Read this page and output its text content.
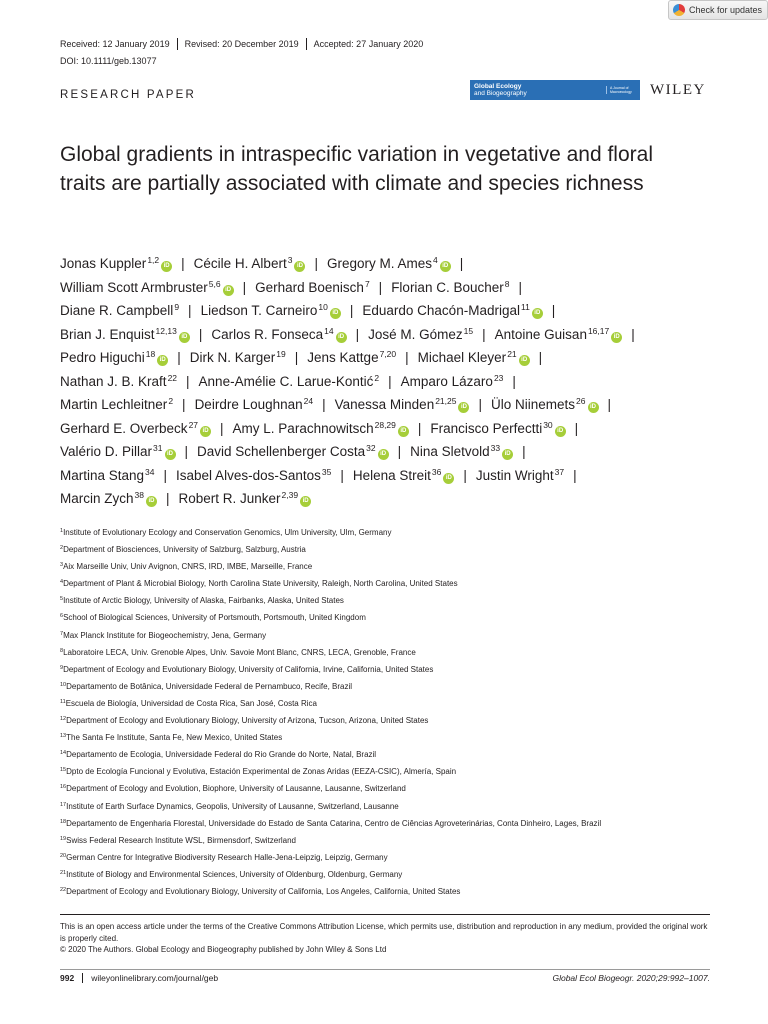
Check for updates
Received: 12 January 2019 Revised: 20 December 2019 Accepted: 27 January 2020
DOI: 10.1111/geb.13077
RESEARCH PAPER
Global Ecology
and Biogeography
A Journal of Macroecology WILEY
Global gradients in intraspecific variation in vegetative and floral traits are partially associated with climate and species richness
Jonas Kuppler$^{1,2}$iD | Cécile H. Albert$^3$iD | Gregory M. Ames$^4$iD |
William Scott Armbruster$^{5,6}$iD | Gerhard Boenisch$^7$ | Florian C. Boucher$^8$ |
Diane R. Campbell$^9$ | Liedson T. Carneiro$^{10}$iD | Eduardo Chacón-Madrigal$^{11}$iD |
Brian J. Enquist$^{12,13}$iD | Carlos R. Fonseca$^{14}$iD | José M. Gómez$^{15}$ | Antoine Guisan$^{16,17}$iD |
Pedro Higuchi$^{18}$iD | Dirk N. Karger$^{19}$ | Jens Kattge$^{7,20}$ | Michael Kleyer$^{21}$iD |
Nathan J. B. Kraft$^{22}$ | Anne-Amélie C. Larue-Kontić$^2$ | Amparo Lázaro$^{23}$ |
Martin Lechleitner$^2$ | Deirdre Loughnan$^{24}$ | Vanessa Minden$^{21,25}$iD | Ülo Niinemets$^{26}$iD |
Gerhard E. Overbeck$^{27}$iD | Amy L. Parachnowitsch$^{28,29}$iD | Francisco Perfectti$^{30}$iD |
Valério D. Pillar$^{31}$iD | David Schellenberger Costa$^{32}$iD | Nina Sletvold$^{33}$iD |
Martina Stang$^{34}$ | Isabel Alves-dos-Santos$^{35}$ | Helena Streit$^{36}$iD | Justin Wright$^{37}$ |
Marcin Zych$^{38}$iD | Robert R. Junker$^{2,39}$iD
$^1$Institute of Evolutionary Ecology and Conservation Genomics, Ulm University, Ulm, Germany
$^2$Department of Biosciences, University of Salzburg, Salzburg, Austria
$^3$Aix Marseille Univ, Univ Avignon, CNRS, IRD, IMBE, Marseille, France
$^4$Department of Plant & Microbial Biology, North Carolina State University, Raleigh, North Carolina, United States
$^5$Institute of Arctic Biology, University of Alaska, Fairbanks, Alaska, United States
$^6$School of Biological Sciences, University of Portsmouth, Portsmouth, United Kingdom
$^7$Max Planck Institute for Biogeochemistry, Jena, Germany
$^8$Laboratoire LECA, Univ. Grenoble Alpes, Univ. Savoie Mont Blanc, CNRS, LECA, Grenoble, France
$^9$Department of Ecology and Evolutionary Biology, University of California, Irvine, California, United States
$^{10}$Departamento de Botânica, Universidade Federal de Pernambuco, Recife, Brazil
$^{11}$Escuela de Biología, Universidad de Costa Rica, San José, Costa Rica
$^{12}$Department of Ecology and Evolutionary Biology, University of Arizona, Tucson, Arizona, United States
$^{13}$The Santa Fe Institute, Santa Fe, New Mexico, United States
$^{14}$Departamento de Ecologia, Universidade Federal do Rio Grande do Norte, Natal, Brazil
$^{15}$Dpto de Ecología Funcional y Evolutiva, Estación Experimental de Zonas Aridas (EEZA-CSIC), Almería, Spain
$^{16}$Department of Ecology and Evolution, Biophore, University of Lausanne, Lausanne, Switzerland
$^{17}$Institute of Earth Surface Dynamics, Geopolis, University of Lausanne, Switzerland, Lausanne
$^{18}$Departamento de Engenharia Florestal, Universidade do Estado de Santa Catarina, Centro de Ciências Agroveterinárias, Conta Dinheiro, Lages, Brazil
$^{19}$Swiss Federal Research Institute WSL, Birmensdorf, Switzerland
$^{20}$German Centre for Integrative Biodiversity Research Halle-Jena-Leipzig, Leipzig, Germany
$^{21}$Institute of Biology and Environmental Sciences, University of Oldenburg, Oldenburg, Germany
$^{22}$Department of Ecology and Evolutionary Biology, University of California, Los Angeles, California, United States

This is an open access article under the terms of the Creative Commons Attribution License, which permits use, distribution and reproduction in any medium, provided the original work is properly cited.

© 2020 The Authors. Global Ecology and Biogeography published by John Wiley & Sons Ltd

992 wileyonlinelibrary.com/journal/geb	Global Ecol Biogeogr. 2020;29:992–1007.
